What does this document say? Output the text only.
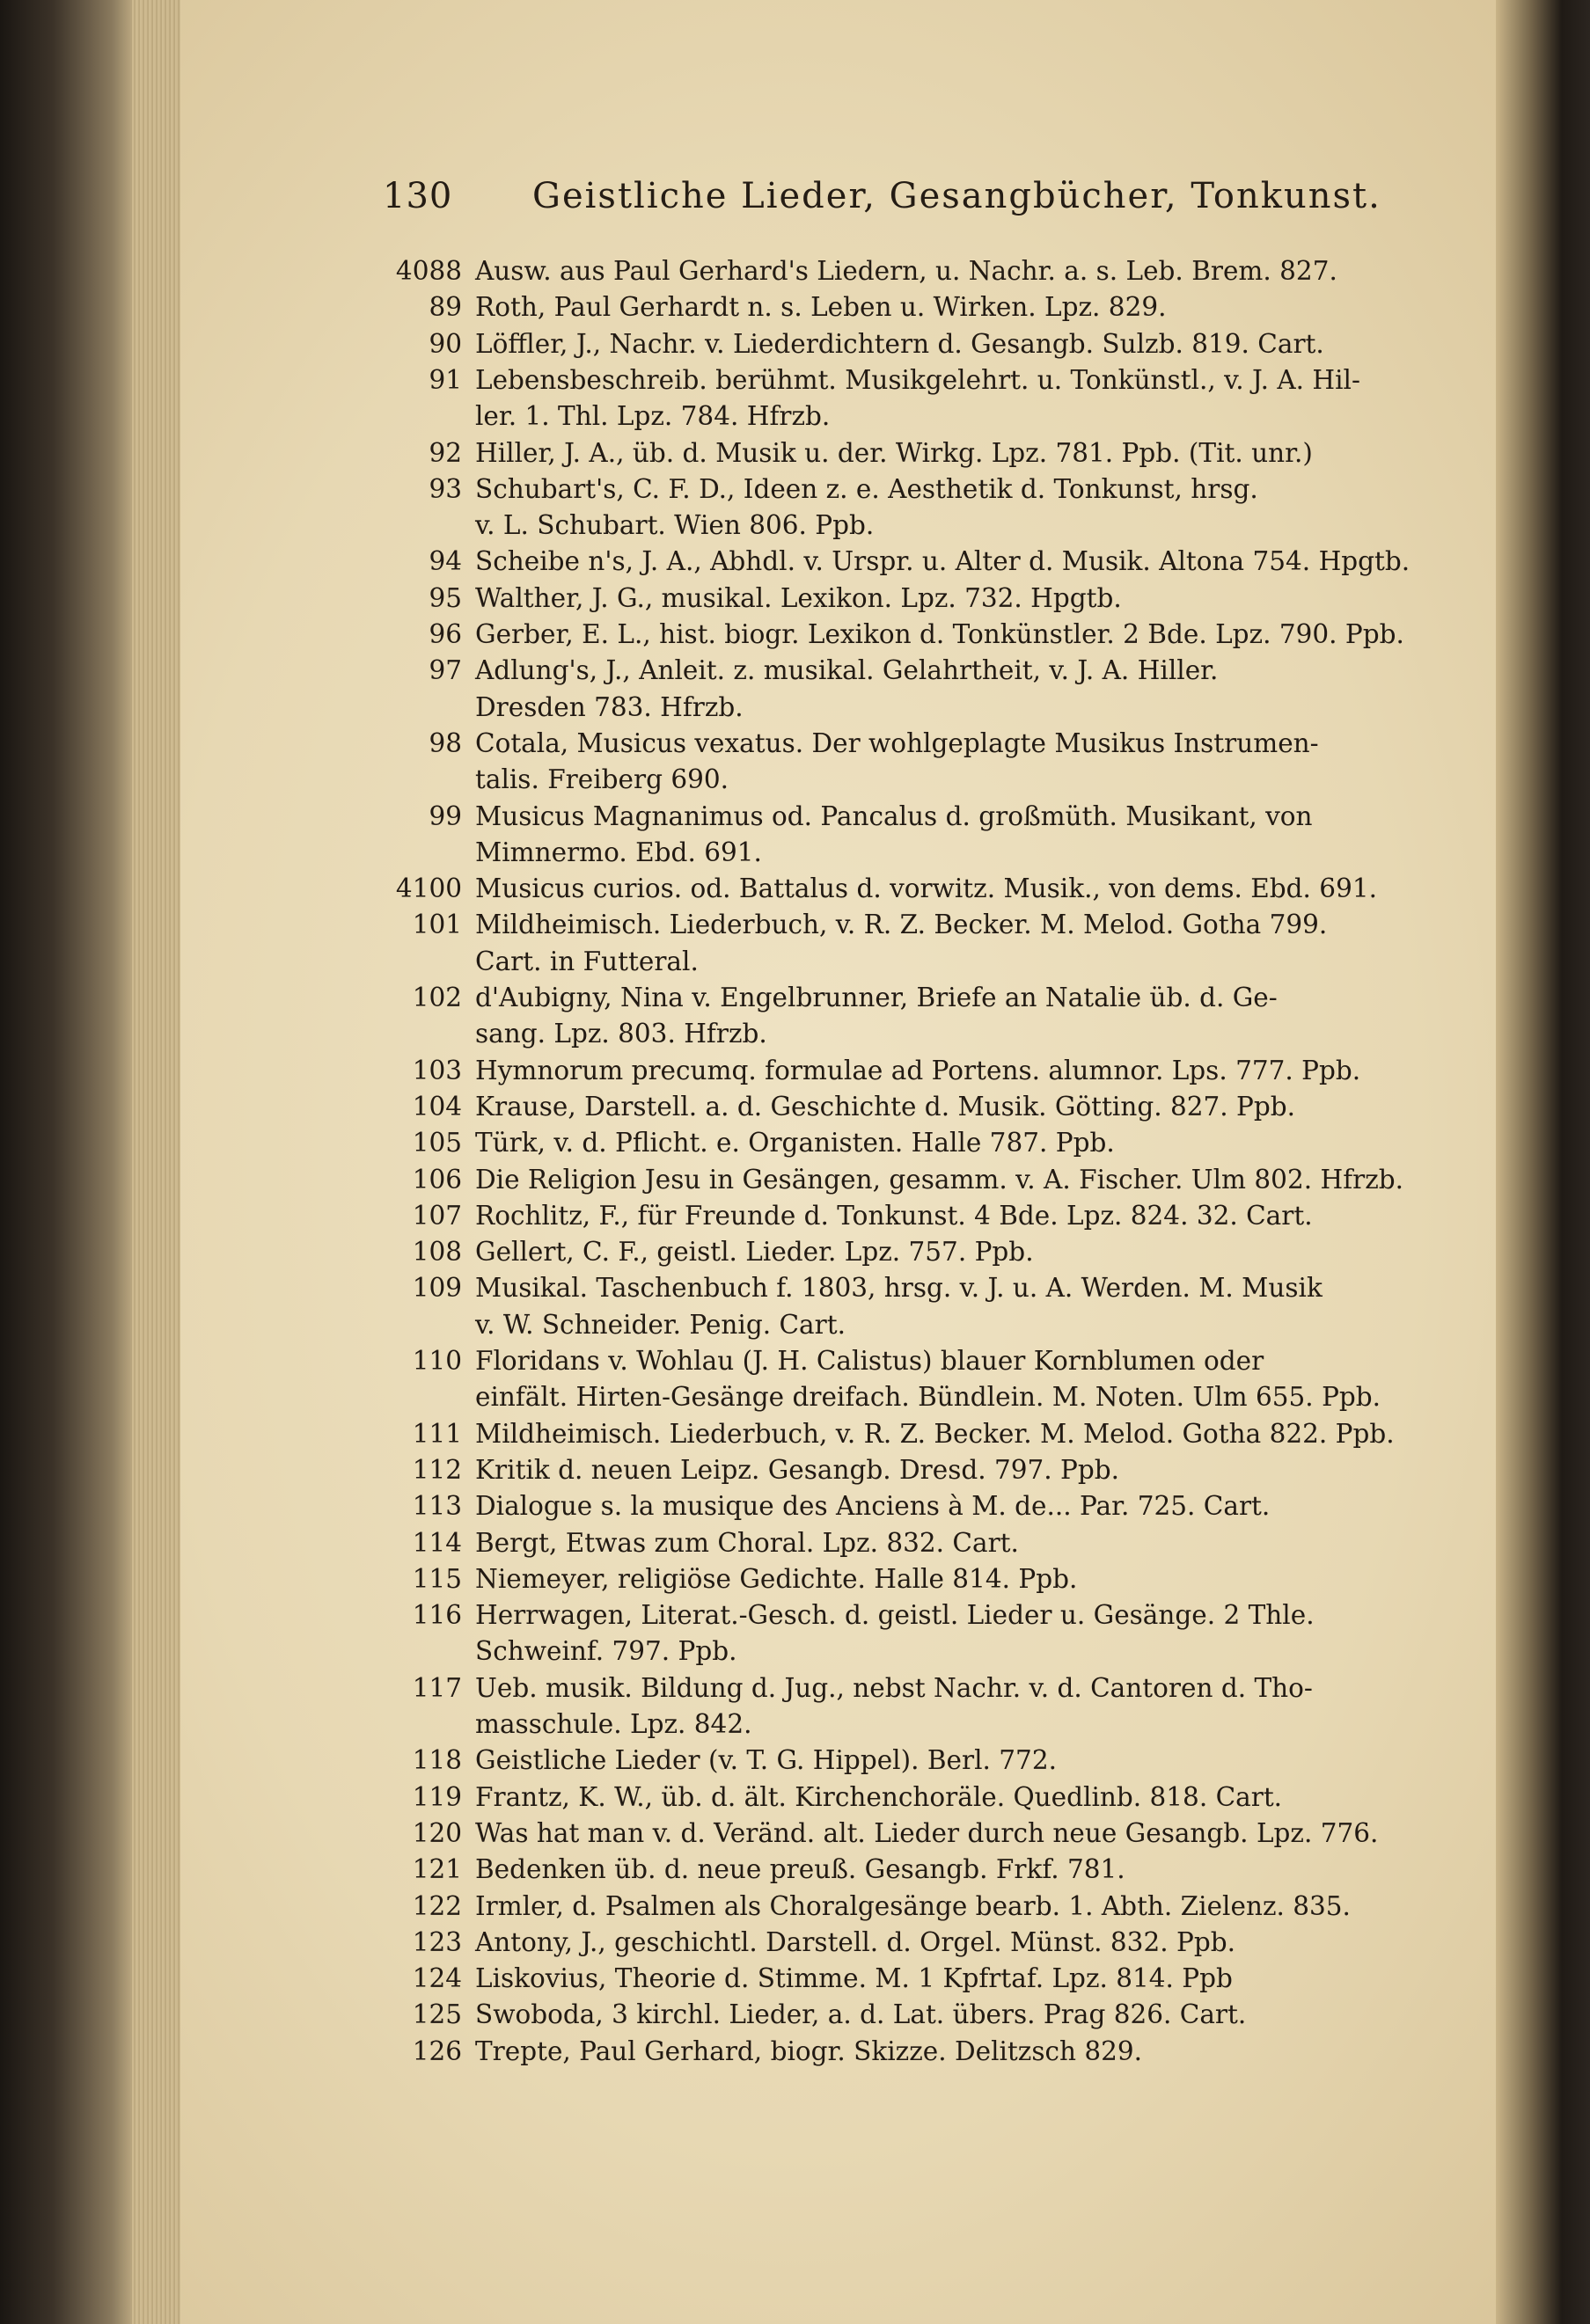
130 Geistliche Lieder, Gesangbücher, Tonkunst.
4088 Ausw. aus Paul Gerhard's Liedern, u. Nachr. a. s. Leb. Brem. 827.
89 Roth, Paul Gerhardt n. s. Leben u. Wirken. Lpz. 829.
90 Löffler, J., Nachr. v. Liederdichtern d. Gesangb. Sulzb. 819. Cart.
91 Lebensbeschreib. berühmt. Musikgelehrt. u. Tonkünstl., v. J. A. Hil-
ler. 1. Thl. Lpz. 784. Hfrzb.
92 Hiller, J. A., üb. d. Musik u. der. Wirkg. Lpz. 781. Ppb. (Tit. unr.)
93 Schubart's, C. F. D., Ideen z. e. Aesthetik d. Tonkunst, hrsg.
v. L. Schubart. Wien 806. Ppb.
94 Scheibe n's, J. A., Abhdl. v. Urspr. u. Alter d. Musik. Altona 754. Hpgtb.
95 Walther, J. G., musikal. Lexikon. Lpz. 732. Hpgtb.
96 Gerber, E. L., hist. biogr. Lexikon d. Tonkünstler. 2 Bde. Lpz. 790. Ppb.
97 Adlung's, J., Anleit. z. musikal. Gelahrtheit, v. J. A. Hiller.
Dresden 783. Hfrzb.
98 Cotala, Musicus vexatus. Der wohlgeplagte Musikus Instrumen-
talis. Freiberg 690.
99 Musicus Magnanimus od. Pancalus d. großmüth. Musikant, von
Mimnermo. Ebd. 691.
4100 Musicus curios. od. Battalus d. vorwitz. Musik., von dems. Ebd. 691.
101 Mildheimisch. Liederbuch, v. R. Z. Becker. M. Melod. Gotha 799.
Cart. in Futteral.
102 d'Aubigny, Nina v. Engelbrunner, Briefe an Natalie üb. d. Ge-
sang. Lpz. 803. Hfrzb.
103 Hymnorum precumq. formulae ad Portens. alumnor. Lps. 777. Ppb.
104 Krause, Darstell. a. d. Geschichte d. Musik. Götting. 827. Ppb.
105 Türk, v. d. Pflicht. e. Organisten. Halle 787. Ppb.
106 Die Religion Jesu in Gesängen, gesamm. v. A. Fischer. Ulm 802. Hfrzb.
107 Rochlitz, F., für Freunde d. Tonkunst. 4 Bde. Lpz. 824. 32. Cart.
108 Gellert, C. F., geistl. Lieder. Lpz. 757. Ppb.
109 Musikal. Taschenbuch f. 1803, hrsg. v. J. u. A. Werden. M. Musik
v. W. Schneider. Penig. Cart.
110 Floridans v. Wohlau (J. H. Calistus) blauer Kornblumen oder
einfält. Hirten-Gesänge dreifach. Bündlein. M. Noten. Ulm 655. Ppb.
111 Mildheimisch. Liederbuch, v. R. Z. Becker. M. Melod. Gotha 822. Ppb.
112 Kritik d. neuen Leipz. Gesangb. Dresd. 797. Ppb.
113 Dialogue s. la musique des Anciens à M. de... Par. 725. Cart.
114 Bergt, Etwas zum Choral. Lpz. 832. Cart.
115 Niemeyer, religiöse Gedichte. Halle 814. Ppb.
116 Herrwagen, Literat.-Gesch. d. geistl. Lieder u. Gesänge. 2 Thle.
Schweinf. 797. Ppb.
117 Ueb. musik. Bildung d. Jug., nebst Nachr. v. d. Cantoren d. Tho-
masschule. Lpz. 842.
118 Geistliche Lieder (v. T. G. Hippel). Berl. 772.
119 Frantz, K. W., üb. d. ält. Kirchenchoräle. Quedlinb. 818. Cart.
120 Was hat man v. d. Veränd. alt. Lieder durch neue Gesangb. Lpz. 776.
121 Bedenken üb. d. neue preuß. Gesangb. Frkf. 781.
122 Irmler, d. Psalmen als Choralgesänge bearb. 1. Abth. Zielenz. 835.
123 Antony, J., geschichtl. Darstell. d. Orgel. Münst. 832. Ppb.
124 Liskovius, Theorie d. Stimme. M. 1 Kpfrtaf. Lpz. 814. Ppb
125 Swoboda, 3 kirchl. Lieder, a. d. Lat. übers. Prag 826. Cart.
126 Trepte, Paul Gerhard, biogr. Skizze. Delitzsch 829.
